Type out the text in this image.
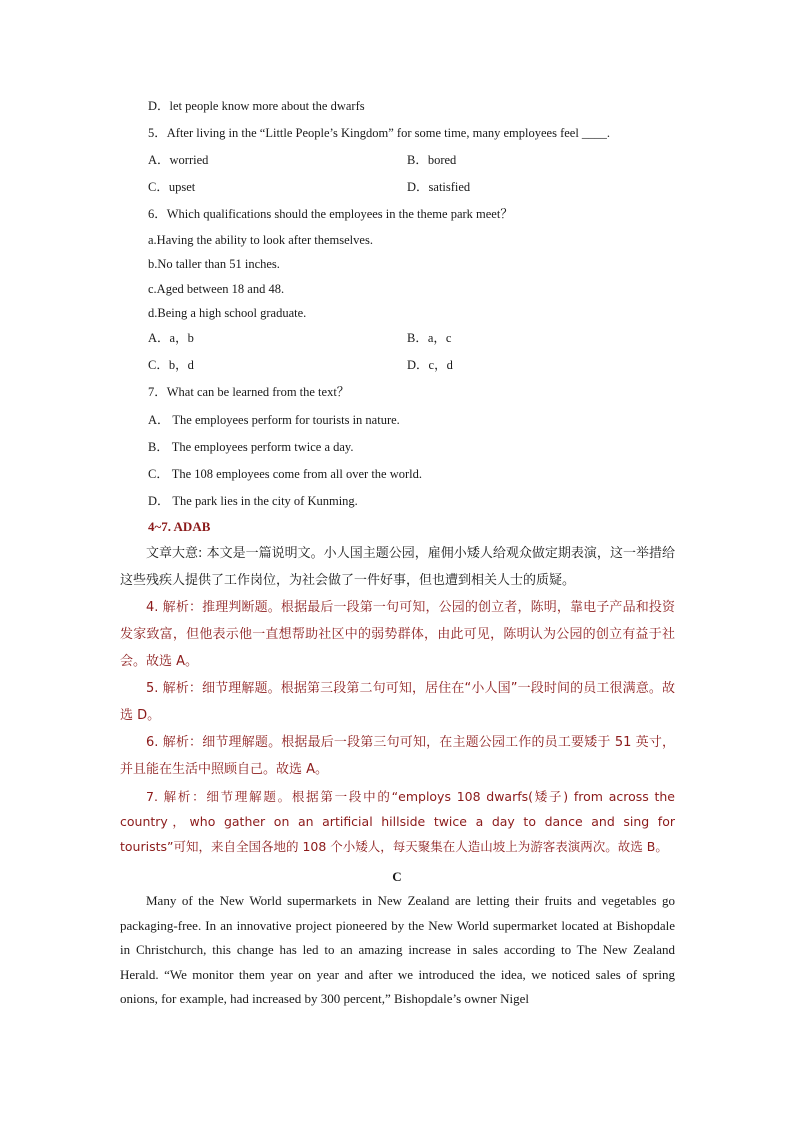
D．let people know more about the dwarfs
5．After living in the “Little People’s Kingdom” for some time, many employees feel ____.
A．worried	B．bored
C．upset	D．satisfied
6．Which qualifications should the employees in the theme park meet？
a.Having the ability to look after themselves.
b.No taller than 51 inches.
c.Aged between 18 and 48.
d.Being a high school graduate.
A．a，b	B．a，c
C．b，d	D．c，d
7．What can be learned from the text？
A． The employees perform for tourists in nature.
B． The employees perform twice a day.
C． The 108 employees come from all over the world.
D． The park lies in the city of Kunming.
4~7. ADAB
文章大意: 本文是一篇说明文。小人国主题公园，雇佣小矮人给观众做定期表演，这一举措给这些残疾人提供了工作岗位，为社会做了一件好事，但也遭到相关人士的质疑。
4. 解析：推理判断题。根据最后一段第一句可知，公园的创立者，陈明，靠电子产品和投资发家致富，但他表示他一直想帮助社区中的弱势群体，由此可见，陈明认为公园的创立有益于社会。故选 A。
5. 解析：细节理解题。根据第三段第二句可知，居住在“小人国”一段时间的员工很满意。故选 D。
6. 解析：细节理解题。根据最后一段第三句可知，在主题公园工作的员工要矮于 51 英寸，并且能在生活中照顾自己。故选 A。
7. 解析：细节理解题。根据第一段中的“employs 108 dwarfs(矮子) from across the country，who gather on an artificial hillside twice a day to dance and sing for tourists”可知，来自全国各地的 108 个小矮人，每天聚集在人造山坡上为游客表演两次。故选 B。
C
Many of the New World supermarkets in New Zealand are letting their fruits and vegetables go packaging-free. In an innovative project pioneered by the New World supermarket located at Bishopdale in Christchurch, this change has led to an amazing increase in sales according to The New Zealand Herald. “We monitor them year on year and after we introduced the idea, we noticed sales of spring onions, for example, had increased by 300 percent,” Bishopdale’s owner Nigel
